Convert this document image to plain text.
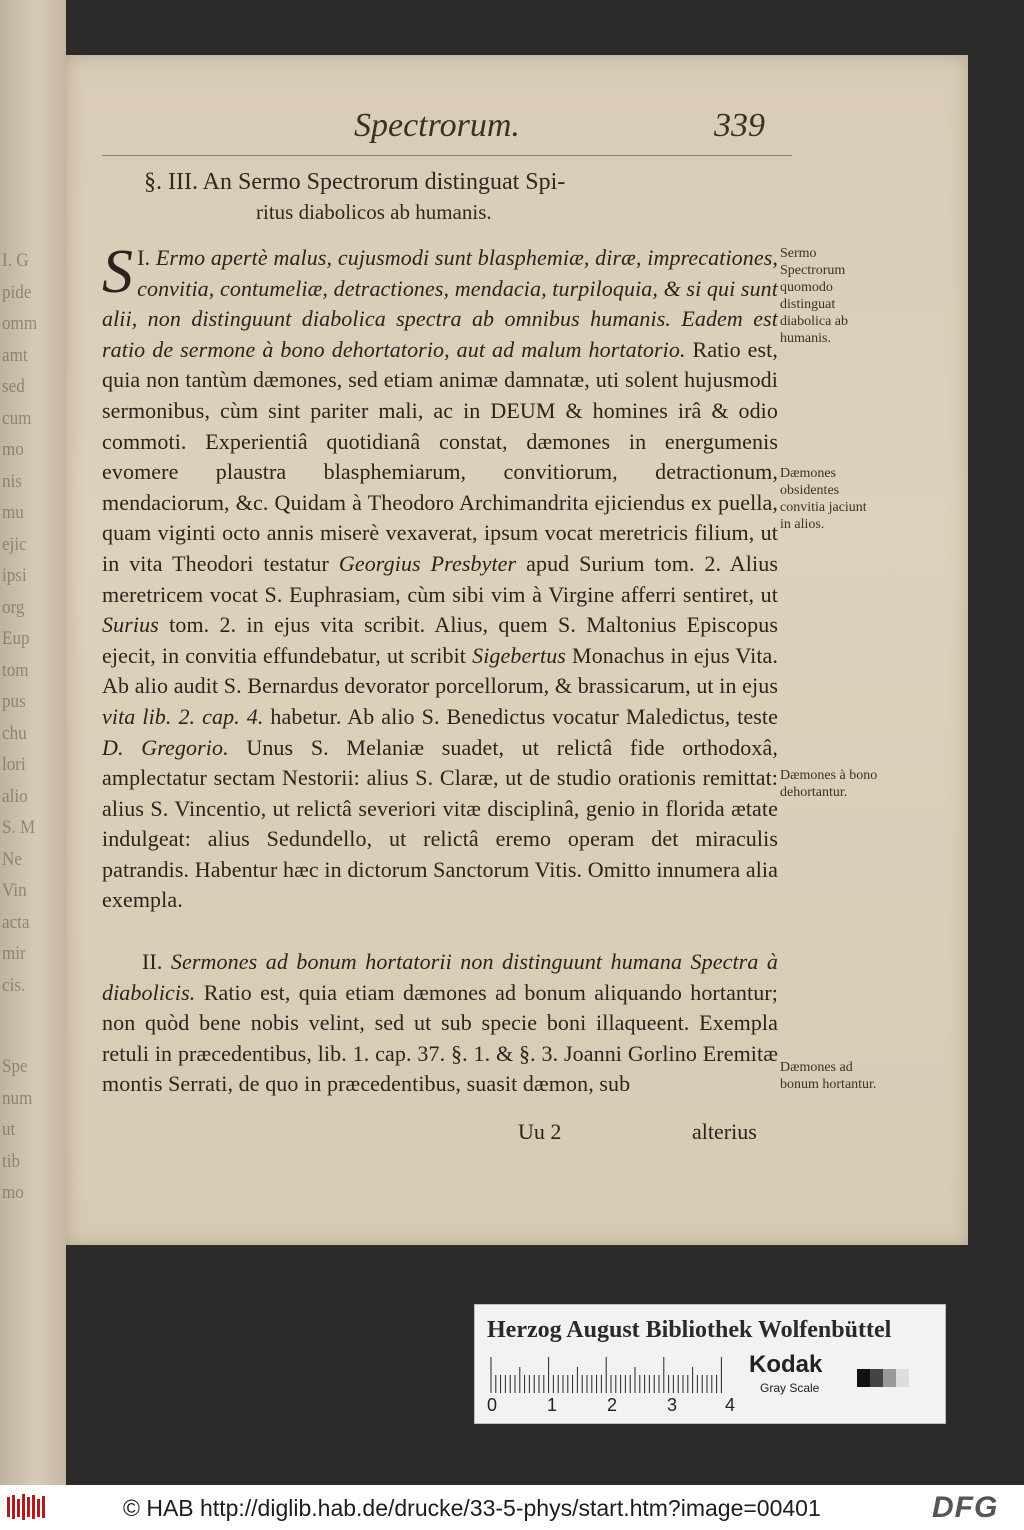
I. G
pide
omm
amt
sed
cum
mo
nis
mu
ejic
ipsi
org
Eup
tom
pus
chu
lori
alio
S. M
Ne
Vin
acta
mir
cis.
Spe
num
ut
tib
mo
Spectrorum.	339
§. III. An Sermo Spectrorum distinguat Spi-
ritus diabolicos ab humanis.
I.
S Ermo apertè malus, cujusmodi sunt blasphemiæ, diræ, imprecationes, convitia, contumeliæ, detractiones, mendacia, turpiloquia, & si qui sunt alii, non distinguunt diabolica spectra ab omnibus humanis. Eadem est ratio de sermone à bono dehortatorio, aut ad malum hortatorio. Ratio est, quia non tantùm dæmones, sed etiam animæ damnatæ, uti solent hujusmodi sermonibus, cùm sint pariter mali, ac in DEUM & homines irâ & odio commoti. Experientiâ quotidianâ constat, dæmones in energumenis evomere plaustra blasphemiarum, convitiorum, detractionum, mendaciorum, &c. Quidam à Theodoro Archimandrita ejiciendus ex puella, quam viginti octo annis miserè vexaverat, ipsum vocat meretricis filium, ut in vita Theodori testatur Georgius Presbyter apud Surium tom. 2. Alius meretricem vocat S. Euphrasiam, cùm sibi vim à Virgine afferri sentiret, ut Surius tom. 2. in ejus vita scribit. Alius, quem S. Maltonius Episcopus ejecit, in convitia effundebatur, ut scribit Sigebertus Monachus in ejus Vita. Ab alio audit S. Bernardus devorator porcellorum, & brassicarum, ut in ejus vita lib. 2. cap. 4. habetur. Ab alio S. Benedictus vocatur Maledictus, teste D. Gregorio. Unus S. Melaniæ suadet, ut relictâ fide orthodoxâ, amplectatur sectam Nestorii: alius S. Claræ, ut de studio orationis remittat: alius S. Vincentio, ut relictâ severiori vitæ disciplinâ, genio in florida ætate indulgeat: alius Sedundello, ut relictâ eremo operam det miraculis patrandis. Habentur hæc in dictorum Sanctorum Vitis. Omitto innumera alia exempla.
II. Sermones ad bonum hortatorii non distinguunt humana Spectra à diabolicis. Ratio est, quia etiam dæmones ad bonum aliquando hortantur; non quòd bene nobis velint, sed ut sub specie boni illaqueent. Exempla retuli in præcedentibus, lib. 1. cap. 37. §. 1. & §. 3. Joanni Gorlino Eremitæ montis Serrati, de quo in præcedentibus, suasit dæmon, sub
Uu 2	alterius
Sermo Spectrorum quomodo distinguat diabolica ab humanis.
Dæmones obsidentes convitia jaciunt in alios.
Dæmones à bono dehortantur.
Dæmones ad bonum hortantur.
Herzog August Bibliothek Wolfenbüttel
0	1	2	3	4
Kodak
Gray Scale
© HAB http://diglib.hab.de/drucke/33-5-phys/start.htm?image=00401	DFG
